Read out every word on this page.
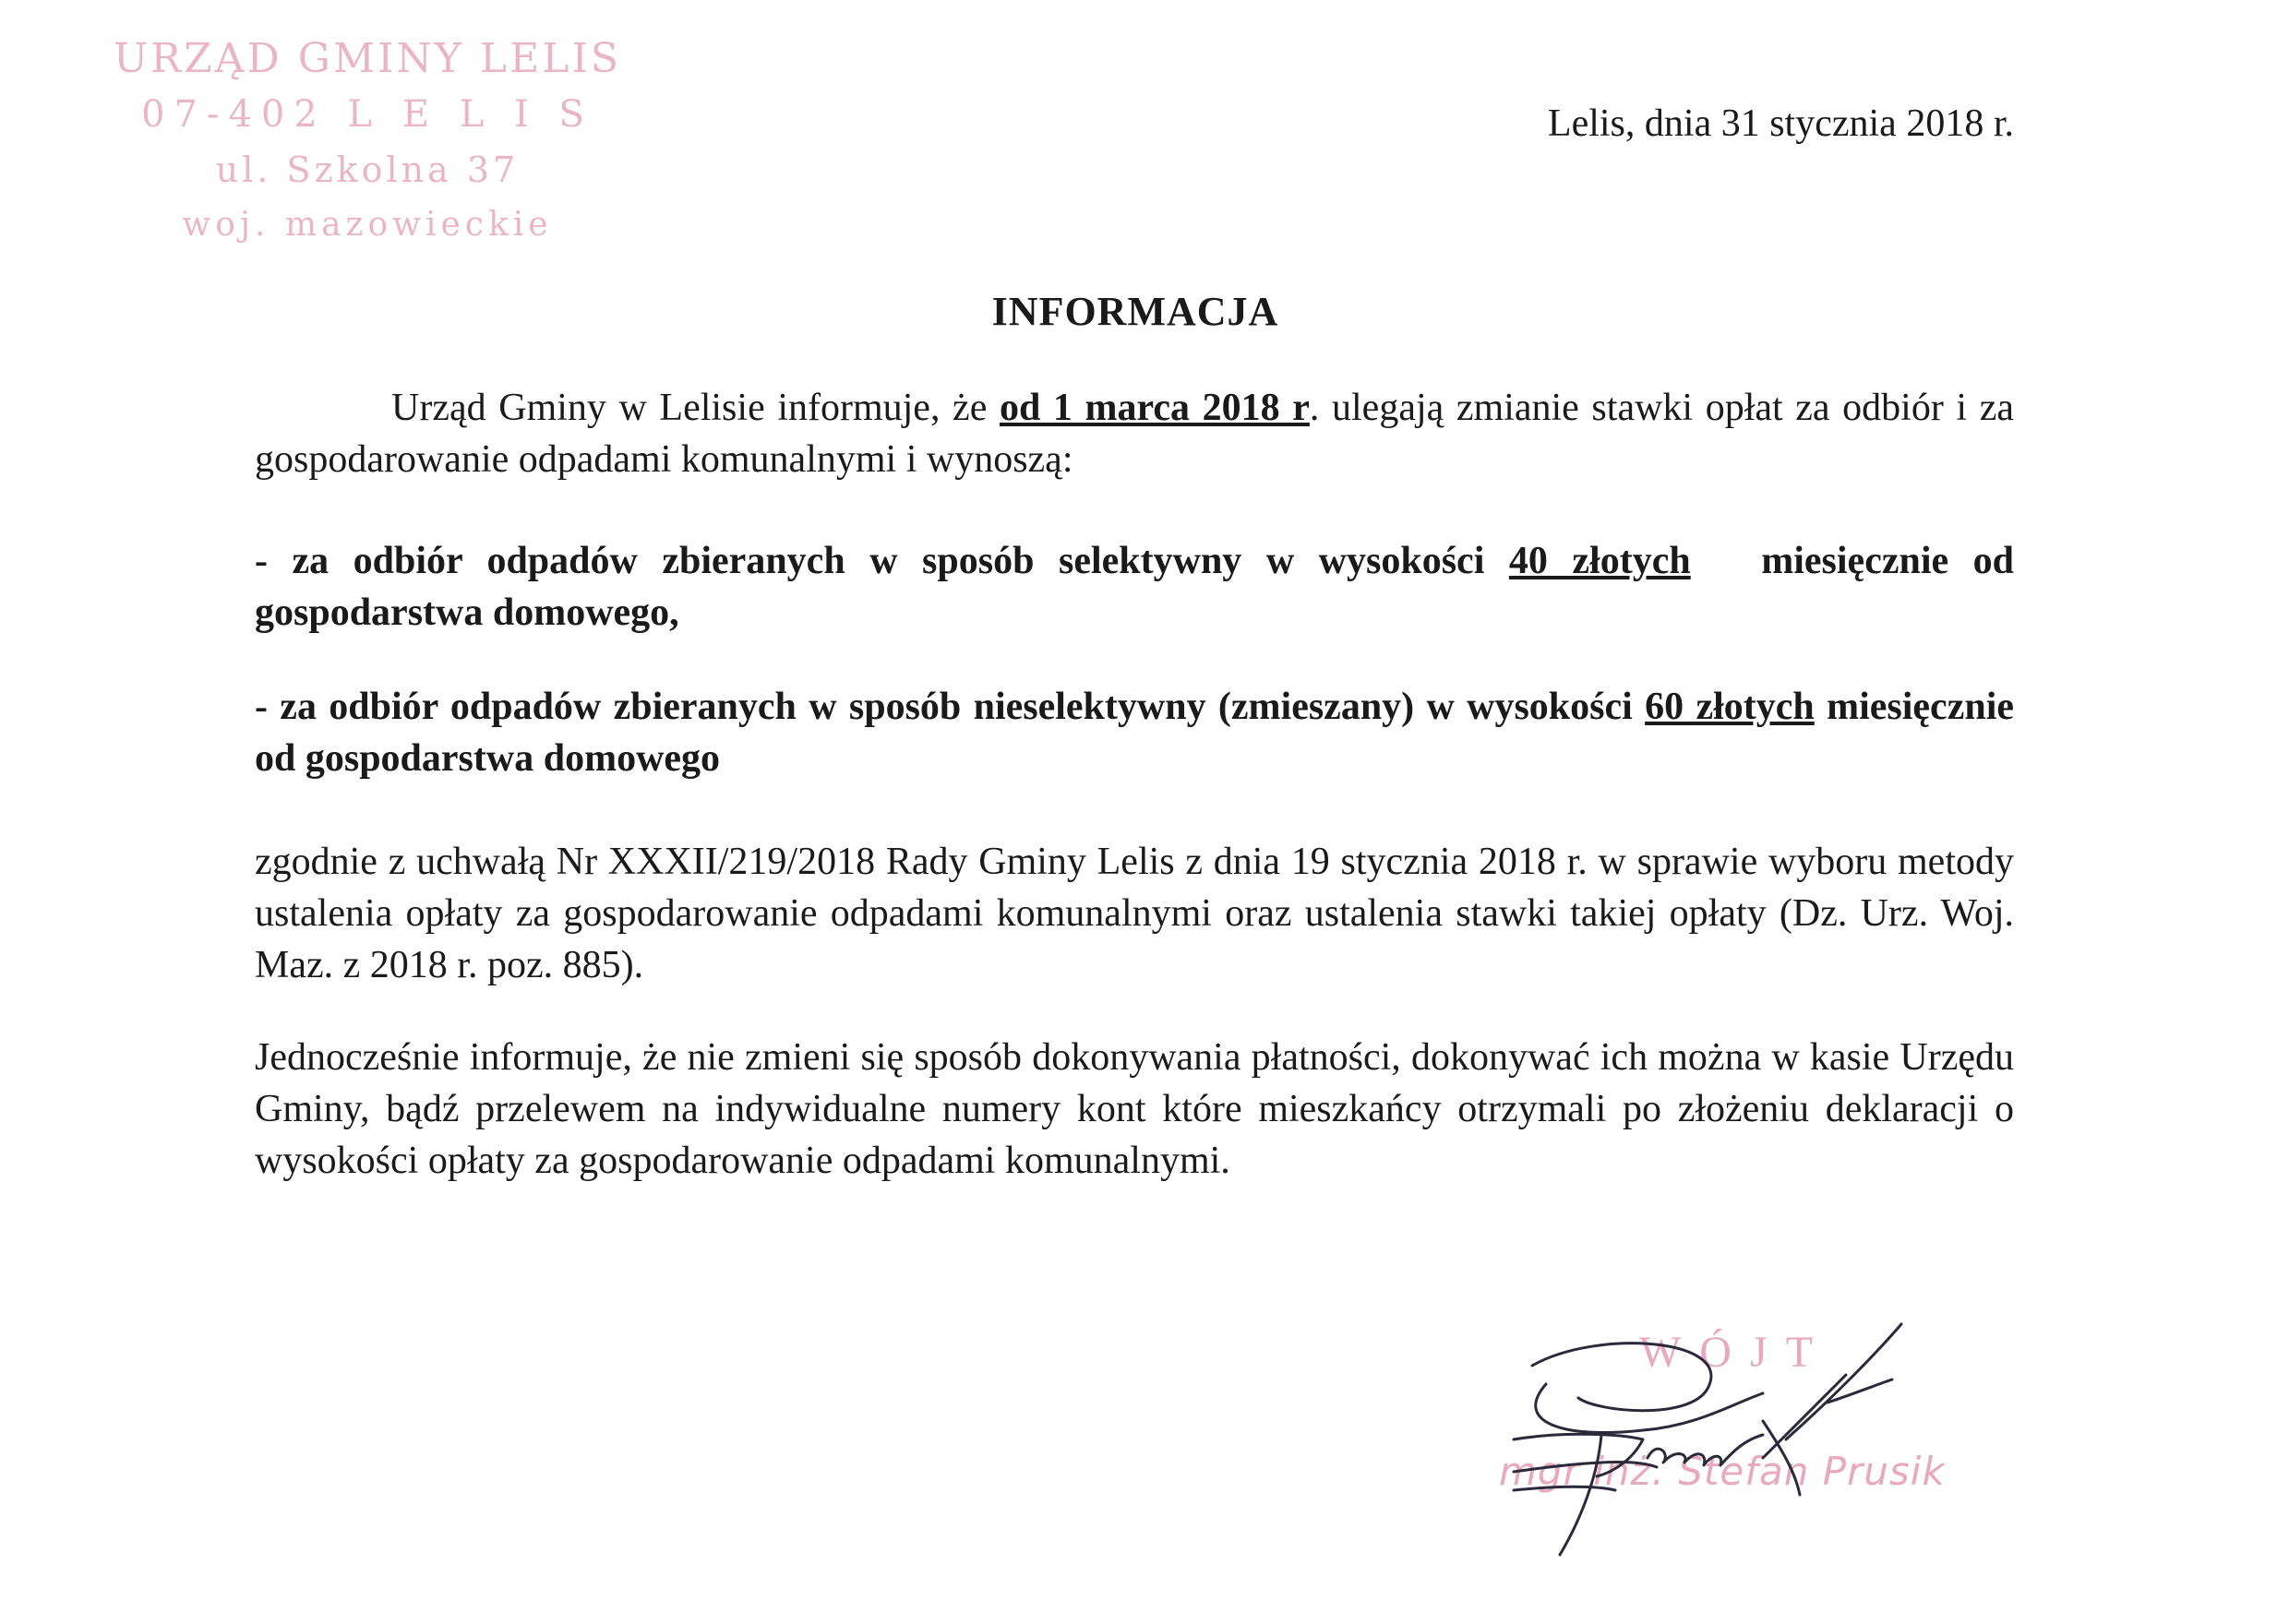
URZĄD GMINY LELIS
07-402 L E L I S
ul. Szkolna 37
woj. mazowieckie
Lelis, dnia 31 stycznia 2018 r.
INFORMACJA
Urząd Gminy w Lelisie informuje, że od 1 marca 2018 r. ulegają zmianie stawki opłat za odbiór i za gospodarowanie odpadami komunalnymi i wynoszą:
- za odbiór odpadów zbieranych w sposób selektywny w wysokości 40 złotych miesięcznie od gospodarstwa domowego,
- za odbiór odpadów zbieranych w sposób nieselektywny (zmieszany) w wysokości 60 złotych miesięcznie od gospodarstwa domowego
zgodnie z uchwałą Nr XXXII/219/2018 Rady Gminy Lelis z dnia 19 stycznia 2018 r. w sprawie wyboru metody ustalenia opłaty za gospodarowanie odpadami komunalnymi oraz ustalenia stawki takiej opłaty (Dz. Urz. Woj. Maz. z 2018 r. poz. 885).
Jednocześnie informuje, że nie zmieni się sposób dokonywania płatności, dokonywać ich można w kasie Urzędu Gminy, bądź przelewem na indywidualne numery kont które mieszkańcy otrzymali po złożeniu deklaracji o wysokości opłaty za gospodarowanie odpadami komunalnymi.
WÓJT
mgr inż. Stefan Prusik
